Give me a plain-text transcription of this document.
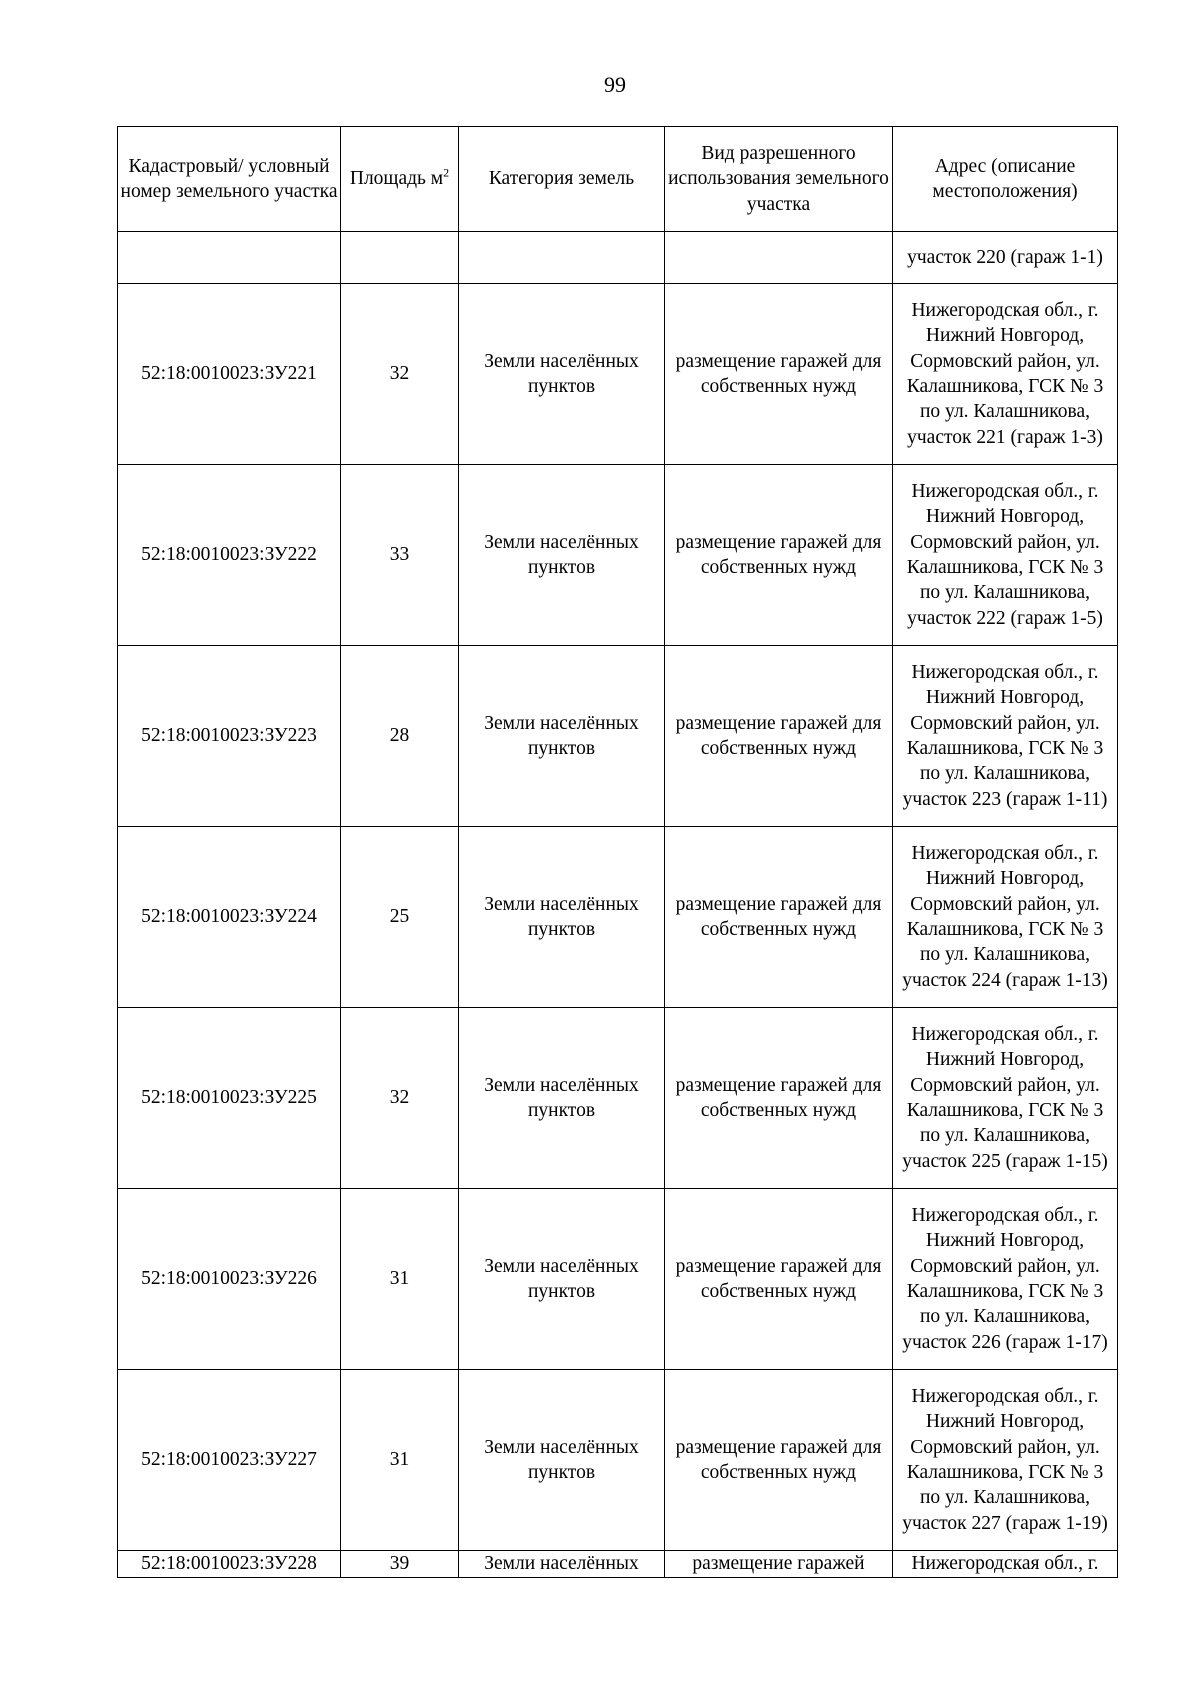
99
Кадастровый/ условный номер земельного участка	Площадь $м^2$	Категория земель	Вид разрешенного использования земельного участка	Адрес (описание местоположения)
				участок 220 (гараж 1-1)
52:18:0010023:ЗУ221	32	Земли населённых пунктов	размещение гаражей для собственных нужд	Нижегородская обл., г. Нижний Новгород, Сормовский район, ул. Калашникова, ГСК № 3 по ул. Калашникова, участок 221 (гараж 1-3)
52:18:0010023:ЗУ222	33	Земли населённых пунктов	размещение гаражей для собственных нужд	Нижегородская обл., г. Нижний Новгород, Сормовский район, ул. Калашникова, ГСК № 3 по ул. Калашникова, участок 222 (гараж 1-5)
52:18:0010023:ЗУ223	28	Земли населённых пунктов	размещение гаражей для собственных нужд	Нижегородская обл., г. Нижний Новгород, Сормовский район, ул. Калашникова, ГСК № 3 по ул. Калашникова, участок 223 (гараж 1-11)
52:18:0010023:ЗУ224	25	Земли населённых пунктов	размещение гаражей для собственных нужд	Нижегородская обл., г. Нижний Новгород, Сормовский район, ул. Калашникова, ГСК № 3 по ул. Калашникова, участок 224 (гараж 1-13)
52:18:0010023:ЗУ225	32	Земли населённых пунктов	размещение гаражей для собственных нужд	Нижегородская обл., г. Нижний Новгород, Сормовский район, ул. Калашникова, ГСК № 3 по ул. Калашникова, участок 225 (гараж 1-15)
52:18:0010023:ЗУ226	31	Земли населённых пунктов	размещение гаражей для собственных нужд	Нижегородская обл., г. Нижний Новгород, Сормовский район, ул. Калашникова, ГСК № 3 по ул. Калашникова, участок 226 (гараж 1-17)
52:18:0010023:ЗУ227	31	Земли населённых пунктов	размещение гаражей для собственных нужд	Нижегородская обл., г. Нижний Новгород, Сормовский район, ул. Калашникова, ГСК № 3 по ул. Калашникова, участок 227 (гараж 1-19)
52:18:0010023:ЗУ228	39	Земли населённых	размещение гаражей	Нижегородская обл., г.
